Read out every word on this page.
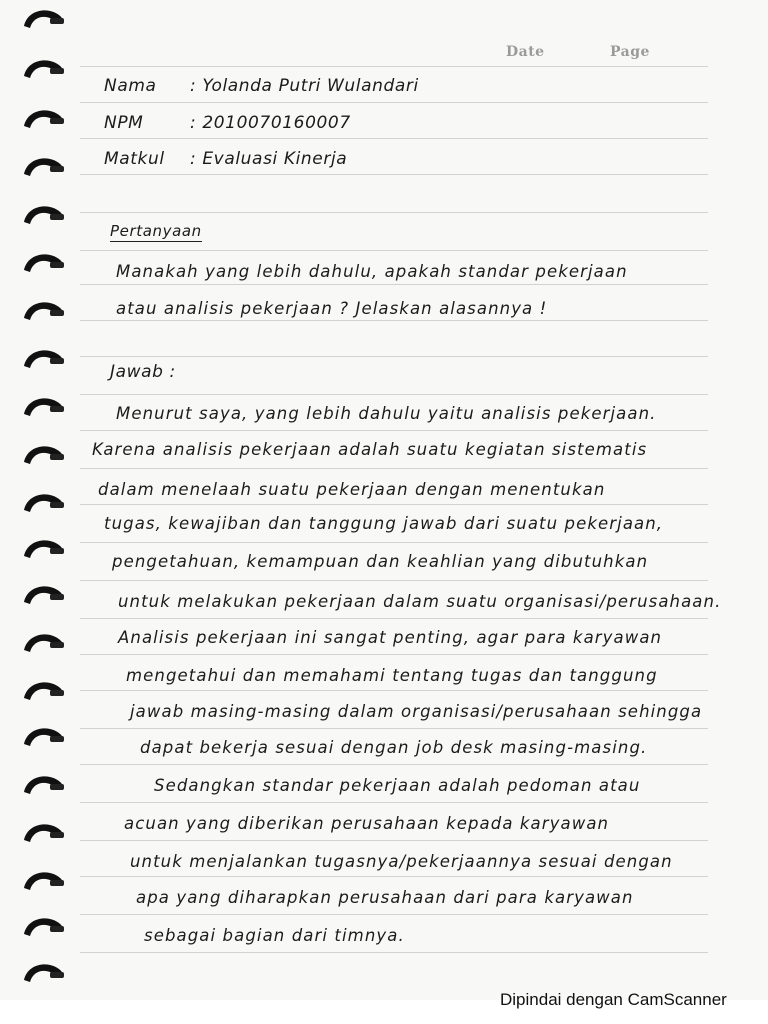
Date	Page
Nama : Yolanda Putri Wulandari
NPM	: 2010070160007
Matkul : Evaluasi Kinerja
Pertanyaan
Manakah yang lebih dahulu, apakah standar pekerjaan
atau analisis pekerjaan ? Jelaskan alasannya !
Jawab :
Menurut saya, yang lebih dahulu yaitu analisis pekerjaan.
Karena analisis pekerjaan adalah suatu kegiatan sistematis
dalam menelaah suatu pekerjaan dengan menentukan
tugas, kewajiban dan tanggung jawab dari suatu pekerjaan,
pengetahuan, kemampuan dan keahlian yang dibutuhkan
untuk melakukan pekerjaan dalam suatu organisasi/perusahaan.
Analisis pekerjaan ini sangat penting, agar para karyawan
mengetahui dan memahami tentang tugas dan tanggung
jawab masing-masing dalam organisasi/perusahaan sehingga
dapat bekerja sesuai dengan job desk masing-masing.
Sedangkan standar pekerjaan adalah pedoman atau
acuan yang diberikan perusahaan kepada karyawan
untuk menjalankan tugasnya/pekerjaannya sesuai dengan
apa yang diharapkan perusahaan dari para karyawan
sebagai bagian dari timnya.
Dipindai dengan CamScanner
